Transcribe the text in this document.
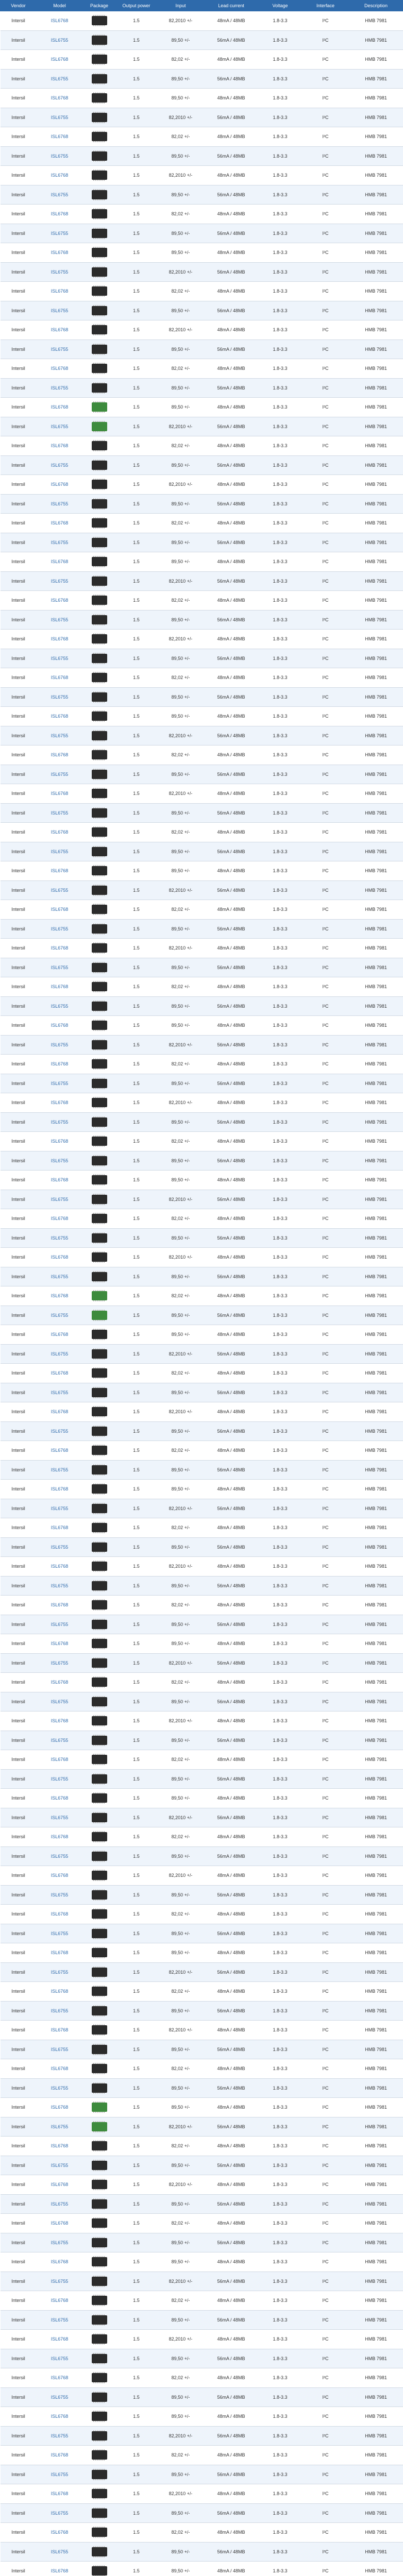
Vendor	Model	Package	Output power	Input	Lead current	Voltage	Interface	Description
Intersil	ISL6768		1.5	82,2010 +/-	48mA / 48MB	1.8-3.3	I²C	HMB 7981
Intersil	ISL6755		1.5	89,50 +/-	56mA / 48MB	1.8-3.3	I²C	HMB 7981
Intersil	ISL6768		1.5	82,02 +/-	48mA / 48MB	1.8-3.3	I²C	HMB 7981
Intersil	ISL6755		1.5	89,50 +/-	56mA / 48MB	1.8-3.3	I²C	HMB 7981
Intersil	ISL6768		1.5	89,50 +/-	48mA / 48MB	1.8-3.3	I²C	HMB 7981
Intersil	ISL6755		1.5	82,2010 +/-	56mA / 48MB	1.8-3.3	I²C	HMB 7981
Intersil	ISL6768		1.5	82,02 +/-	48mA / 48MB	1.8-3.3	I²C	HMB 7981
Intersil	ISL6755		1.5	89,50 +/-	56mA / 48MB	1.8-3.3	I²C	HMB 7981
Intersil	ISL6768		1.5	82,2010 +/-	48mA / 48MB	1.8-3.3	I²C	HMB 7981
Intersil	ISL6755		1.5	89,50 +/-	56mA / 48MB	1.8-3.3	I²C	HMB 7981
Intersil	ISL6768		1.5	82,02 +/-	48mA / 48MB	1.8-3.3	I²C	HMB 7981
Intersil	ISL6755		1.5	89,50 +/-	56mA / 48MB	1.8-3.3	I²C	HMB 7981
Intersil	ISL6768		1.5	89,50 +/-	48mA / 48MB	1.8-3.3	I²C	HMB 7981
Intersil	ISL6755		1.5	82,2010 +/-	56mA / 48MB	1.8-3.3	I²C	HMB 7981
Intersil	ISL6768		1.5	82,02 +/-	48mA / 48MB	1.8-3.3	I²C	HMB 7981
Intersil	ISL6755		1.5	89,50 +/-	56mA / 48MB	1.8-3.3	I²C	HMB 7981
Intersil	ISL6768		1.5	82,2010 +/-	48mA / 48MB	1.8-3.3	I²C	HMB 7981
Intersil	ISL6755		1.5	89,50 +/-	56mA / 48MB	1.8-3.3	I²C	HMB 7981
Intersil	ISL6768		1.5	82,02 +/-	48mA / 48MB	1.8-3.3	I²C	HMB 7981
Intersil	ISL6755		1.5	89,50 +/-	56mA / 48MB	1.8-3.3	I²C	HMB 7981
Intersil	ISL6768		1.5	89,50 +/-	48mA / 48MB	1.8-3.3	I²C	HMB 7981
Intersil	ISL6755		1.5	82,2010 +/-	56mA / 48MB	1.8-3.3	I²C	HMB 7981
Intersil	ISL6768		1.5	82,02 +/-	48mA / 48MB	1.8-3.3	I²C	HMB 7981
Intersil	ISL6755		1.5	89,50 +/-	56mA / 48MB	1.8-3.3	I²C	HMB 7981
Intersil	ISL6768		1.5	82,2010 +/-	48mA / 48MB	1.8-3.3	I²C	HMB 7981
Intersil	ISL6755		1.5	89,50 +/-	56mA / 48MB	1.8-3.3	I²C	HMB 7981
Intersil	ISL6768		1.5	82,02 +/-	48mA / 48MB	1.8-3.3	I²C	HMB 7981
Intersil	ISL6755		1.5	89,50 +/-	56mA / 48MB	1.8-3.3	I²C	HMB 7981
Intersil	ISL6768		1.5	89,50 +/-	48mA / 48MB	1.8-3.3	I²C	HMB 7981
Intersil	ISL6755		1.5	82,2010 +/-	56mA / 48MB	1.8-3.3	I²C	HMB 7981
Intersil	ISL6768		1.5	82,02 +/-	48mA / 48MB	1.8-3.3	I²C	HMB 7981
Intersil	ISL6755		1.5	89,50 +/-	56mA / 48MB	1.8-3.3	I²C	HMB 7981
Intersil	ISL6768		1.5	82,2010 +/-	48mA / 48MB	1.8-3.3	I²C	HMB 7981
Intersil	ISL6755		1.5	89,50 +/-	56mA / 48MB	1.8-3.3	I²C	HMB 7981
Intersil	ISL6768		1.5	82,02 +/-	48mA / 48MB	1.8-3.3	I²C	HMB 7981
Intersil	ISL6755		1.5	89,50 +/-	56mA / 48MB	1.8-3.3	I²C	HMB 7981
Intersil	ISL6768		1.5	89,50 +/-	48mA / 48MB	1.8-3.3	I²C	HMB 7981
Intersil	ISL6755		1.5	82,2010 +/-	56mA / 48MB	1.8-3.3	I²C	HMB 7981
Intersil	ISL6768		1.5	82,02 +/-	48mA / 48MB	1.8-3.3	I²C	HMB 7981
Intersil	ISL6755		1.5	89,50 +/-	56mA / 48MB	1.8-3.3	I²C	HMB 7981
Intersil	ISL6768		1.5	82,2010 +/-	48mA / 48MB	1.8-3.3	I²C	HMB 7981
Intersil	ISL6755		1.5	89,50 +/-	56mA / 48MB	1.8-3.3	I²C	HMB 7981
Intersil	ISL6768		1.5	82,02 +/-	48mA / 48MB	1.8-3.3	I²C	HMB 7981
Intersil	ISL6755		1.5	89,50 +/-	56mA / 48MB	1.8-3.3	I²C	HMB 7981
Intersil	ISL6768		1.5	89,50 +/-	48mA / 48MB	1.8-3.3	I²C	HMB 7981
Intersil	ISL6755		1.5	82,2010 +/-	56mA / 48MB	1.8-3.3	I²C	HMB 7981
Intersil	ISL6768		1.5	82,02 +/-	48mA / 48MB	1.8-3.3	I²C	HMB 7981
Intersil	ISL6755		1.5	89,50 +/-	56mA / 48MB	1.8-3.3	I²C	HMB 7981
Intersil	ISL6768		1.5	82,2010 +/-	48mA / 48MB	1.8-3.3	I²C	HMB 7981
Intersil	ISL6755		1.5	89,50 +/-	56mA / 48MB	1.8-3.3	I²C	HMB 7981
Intersil	ISL6768		1.5	82,02 +/-	48mA / 48MB	1.8-3.3	I²C	HMB 7981
Intersil	ISL6755		1.5	89,50 +/-	56mA / 48MB	1.8-3.3	I²C	HMB 7981
Intersil	ISL6768		1.5	89,50 +/-	48mA / 48MB	1.8-3.3	I²C	HMB 7981
Intersil	ISL6755		1.5	82,2010 +/-	56mA / 48MB	1.8-3.3	I²C	HMB 7981
Intersil	ISL6768		1.5	82,02 +/-	48mA / 48MB	1.8-3.3	I²C	HMB 7981
Intersil	ISL6755		1.5	89,50 +/-	56mA / 48MB	1.8-3.3	I²C	HMB 7981
Intersil	ISL6768		1.5	82,2010 +/-	48mA / 48MB	1.8-3.3	I²C	HMB 7981
Intersil	ISL6755		1.5	89,50 +/-	56mA / 48MB	1.8-3.3	I²C	HMB 7981
Intersil	ISL6768		1.5	82,02 +/-	48mA / 48MB	1.8-3.3	I²C	HMB 7981
Intersil	ISL6755		1.5	89,50 +/-	56mA / 48MB	1.8-3.3	I²C	HMB 7981
Intersil	ISL6768		1.5	89,50 +/-	48mA / 48MB	1.8-3.3	I²C	HMB 7981
Intersil	ISL6755		1.5	82,2010 +/-	56mA / 48MB	1.8-3.3	I²C	HMB 7981
Intersil	ISL6768		1.5	82,02 +/-	48mA / 48MB	1.8-3.3	I²C	HMB 7981
Intersil	ISL6755		1.5	89,50 +/-	56mA / 48MB	1.8-3.3	I²C	HMB 7981
Intersil	ISL6768		1.5	82,2010 +/-	48mA / 48MB	1.8-3.3	I²C	HMB 7981
Intersil	ISL6755		1.5	89,50 +/-	56mA / 48MB	1.8-3.3	I²C	HMB 7981
Intersil	ISL6768		1.5	82,02 +/-	48mA / 48MB	1.8-3.3	I²C	HMB 7981
Intersil	ISL6755		1.5	89,50 +/-	56mA / 48MB	1.8-3.3	I²C	HMB 7981
Intersil	ISL6768		1.5	89,50 +/-	48mA / 48MB	1.8-3.3	I²C	HMB 7981
Intersil	ISL6755		1.5	82,2010 +/-	56mA / 48MB	1.8-3.3	I²C	HMB 7981
Intersil	ISL6768		1.5	82,02 +/-	48mA / 48MB	1.8-3.3	I²C	HMB 7981
Intersil	ISL6755		1.5	89,50 +/-	56mA / 48MB	1.8-3.3	I²C	HMB 7981
Intersil	ISL6768		1.5	82,2010 +/-	48mA / 48MB	1.8-3.3	I²C	HMB 7981
Intersil	ISL6755		1.5	89,50 +/-	56mA / 48MB	1.8-3.3	I²C	HMB 7981
Intersil	ISL6768		1.5	82,02 +/-	48mA / 48MB	1.8-3.3	I²C	HMB 7981
Intersil	ISL6755		1.5	89,50 +/-	56mA / 48MB	1.8-3.3	I²C	HMB 7981
Intersil	ISL6768		1.5	89,50 +/-	48mA / 48MB	1.8-3.3	I²C	HMB 7981
Intersil	ISL6755		1.5	82,2010 +/-	56mA / 48MB	1.8-3.3	I²C	HMB 7981
Intersil	ISL6768		1.5	82,02 +/-	48mA / 48MB	1.8-3.3	I²C	HMB 7981
Intersil	ISL6755		1.5	89,50 +/-	56mA / 48MB	1.8-3.3	I²C	HMB 7981
Intersil	ISL6768		1.5	82,2010 +/-	48mA / 48MB	1.8-3.3	I²C	HMB 7981
Intersil	ISL6755		1.5	89,50 +/-	56mA / 48MB	1.8-3.3	I²C	HMB 7981
Intersil	ISL6768		1.5	82,02 +/-	48mA / 48MB	1.8-3.3	I²C	HMB 7981
Intersil	ISL6755		1.5	89,50 +/-	56mA / 48MB	1.8-3.3	I²C	HMB 7981
Intersil	ISL6768		1.5	89,50 +/-	48mA / 48MB	1.8-3.3	I²C	HMB 7981
Intersil	ISL6755		1.5	82,2010 +/-	56mA / 48MB	1.8-3.3	I²C	HMB 7981
Intersil	ISL6768		1.5	82,02 +/-	48mA / 48MB	1.8-3.3	I²C	HMB 7981
Intersil	ISL6755		1.5	89,50 +/-	56mA / 48MB	1.8-3.3	I²C	HMB 7981
Intersil	ISL6768		1.5	82,2010 +/-	48mA / 48MB	1.8-3.3	I²C	HMB 7981
Intersil	ISL6755		1.5	89,50 +/-	56mA / 48MB	1.8-3.3	I²C	HMB 7981
Intersil	ISL6768		1.5	82,02 +/-	48mA / 48MB	1.8-3.3	I²C	HMB 7981
Intersil	ISL6755		1.5	89,50 +/-	56mA / 48MB	1.8-3.3	I²C	HMB 7981
Intersil	ISL6768		1.5	89,50 +/-	48mA / 48MB	1.8-3.3	I²C	HMB 7981
Intersil	ISL6755		1.5	82,2010 +/-	56mA / 48MB	1.8-3.3	I²C	HMB 7981
Intersil	ISL6768		1.5	82,02 +/-	48mA / 48MB	1.8-3.3	I²C	HMB 7981
Intersil	ISL6755		1.5	89,50 +/-	56mA / 48MB	1.8-3.3	I²C	HMB 7981
Intersil	ISL6768		1.5	82,2010 +/-	48mA / 48MB	1.8-3.3	I²C	HMB 7981
Intersil	ISL6755		1.5	89,50 +/-	56mA / 48MB	1.8-3.3	I²C	HMB 7981
Intersil	ISL6768		1.5	82,02 +/-	48mA / 48MB	1.8-3.3	I²C	HMB 7981
Intersil	ISL6755		1.5	89,50 +/-	56mA / 48MB	1.8-3.3	I²C	HMB 7981
Intersil	ISL6768		1.5	89,50 +/-	48mA / 48MB	1.8-3.3	I²C	HMB 7981
Intersil	ISL6755		1.5	82,2010 +/-	56mA / 48MB	1.8-3.3	I²C	HMB 7981
Intersil	ISL6768		1.5	82,02 +/-	48mA / 48MB	1.8-3.3	I²C	HMB 7981
Intersil	ISL6755		1.5	89,50 +/-	56mA / 48MB	1.8-3.3	I²C	HMB 7981
Intersil	ISL6768		1.5	82,2010 +/-	48mA / 48MB	1.8-3.3	I²C	HMB 7981
Intersil	ISL6755		1.5	89,50 +/-	56mA / 48MB	1.8-3.3	I²C	HMB 7981
Intersil	ISL6768		1.5	82,02 +/-	48mA / 48MB	1.8-3.3	I²C	HMB 7981
Intersil	ISL6755		1.5	89,50 +/-	56mA / 48MB	1.8-3.3	I²C	HMB 7981
Intersil	ISL6768		1.5	89,50 +/-	48mA / 48MB	1.8-3.3	I²C	HMB 7981
Intersil	ISL6755		1.5	82,2010 +/-	56mA / 48MB	1.8-3.3	I²C	HMB 7981
Intersil	ISL6768		1.5	82,02 +/-	48mA / 48MB	1.8-3.3	I²C	HMB 7981
Intersil	ISL6755		1.5	89,50 +/-	56mA / 48MB	1.8-3.3	I²C	HMB 7981
Intersil	ISL6768		1.5	82,2010 +/-	48mA / 48MB	1.8-3.3	I²C	HMB 7981
Intersil	ISL6755		1.5	89,50 +/-	56mA / 48MB	1.8-3.3	I²C	HMB 7981
Intersil	ISL6768		1.5	82,02 +/-	48mA / 48MB	1.8-3.3	I²C	HMB 7981
Intersil	ISL6755		1.5	89,50 +/-	56mA / 48MB	1.8-3.3	I²C	HMB 7981
Intersil	ISL6768		1.5	89,50 +/-	48mA / 48MB	1.8-3.3	I²C	HMB 7981
Intersil	ISL6755		1.5	82,2010 +/-	56mA / 48MB	1.8-3.3	I²C	HMB 7981
Intersil	ISL6768		1.5	82,02 +/-	48mA / 48MB	1.8-3.3	I²C	HMB 7981
Intersil	ISL6755		1.5	89,50 +/-	56mA / 48MB	1.8-3.3	I²C	HMB 7981
Intersil	ISL6768		1.5	82,2010 +/-	48mA / 48MB	1.8-3.3	I²C	HMB 7981
Intersil	ISL6755		1.5	89,50 +/-	56mA / 48MB	1.8-3.3	I²C	HMB 7981
Intersil	ISL6768		1.5	82,02 +/-	48mA / 48MB	1.8-3.3	I²C	HMB 7981
Intersil	ISL6755		1.5	89,50 +/-	56mA / 48MB	1.8-3.3	I²C	HMB 7981
Intersil	ISL6768		1.5	89,50 +/-	48mA / 48MB	1.8-3.3	I²C	HMB 7981
Intersil	ISL6755		1.5	82,2010 +/-	56mA / 48MB	1.8-3.3	I²C	HMB 7981
Intersil	ISL6768		1.5	82,02 +/-	48mA / 48MB	1.8-3.3	I²C	HMB 7981
Intersil	ISL6755		1.5	89,50 +/-	56mA / 48MB	1.8-3.3	I²C	HMB 7981
Intersil	ISL6768		1.5	82,2010 +/-	48mA / 48MB	1.8-3.3	I²C	HMB 7981
Intersil	ISL6755		1.5	89,50 +/-	56mA / 48MB	1.8-3.3	I²C	HMB 7981
Intersil	ISL6768		1.5	82,02 +/-	48mA / 48MB	1.8-3.3	I²C	HMB 7981
Intersil	ISL6755		1.5	89,50 +/-	56mA / 48MB	1.8-3.3	I²C	HMB 7981
Intersil	ISL6768		1.5	89,50 +/-	48mA / 48MB	1.8-3.3	I²C	HMB 7981
